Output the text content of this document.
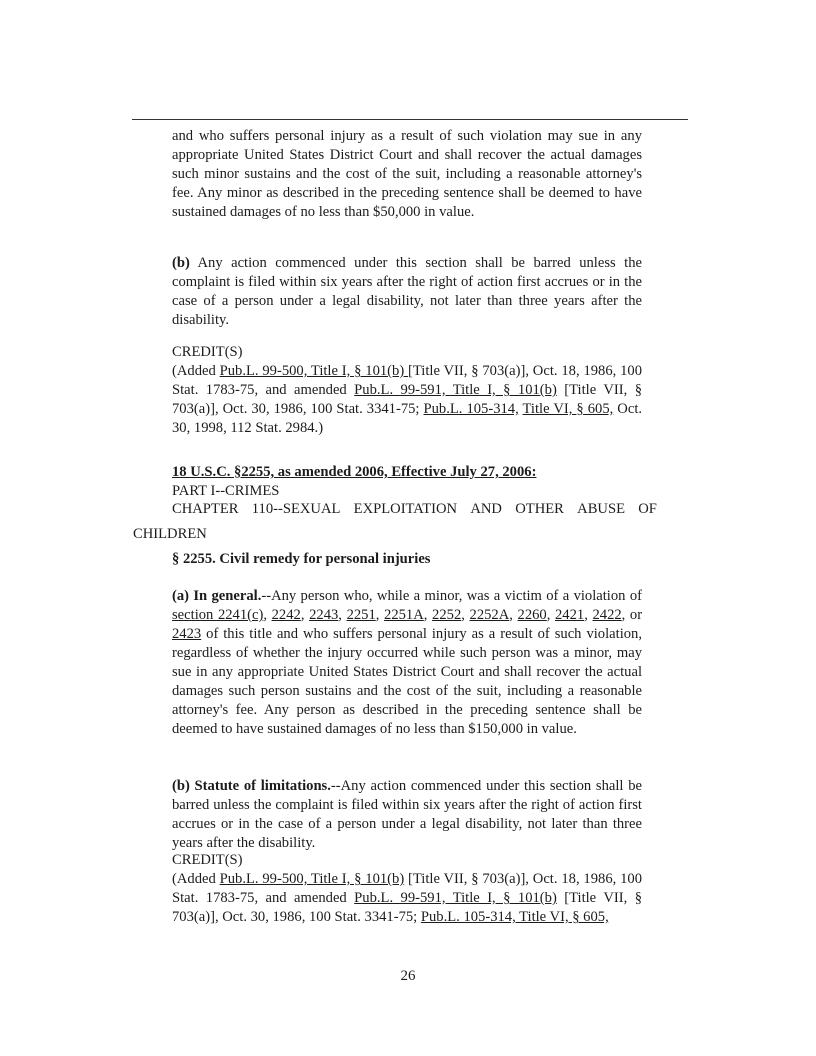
and who suffers personal injury as a result of such violation may sue in any appropriate United States District Court and shall recover the actual damages such minor sustains and the cost of the suit, including a reasonable attorney's fee. Any minor as described in the preceding sentence shall be deemed to have sustained damages of no less than $50,000 in value.

(b) Any action commenced under this section shall be barred unless the complaint is filed within six years after the right of action first accrues or in the case of a person under a legal disability, not later than three years after the disability.

CREDIT(S)

(Added Pub.L. 99-500, Title I, § 101(b) [Title VII, § 703(a)], Oct. 18, 1986, 100 Stat. 1783-75, and amended Pub.L. 99-591, Title I, § 101(b) [Title VII, § 703(a)], Oct. 30, 1986, 100 Stat. 3341-75; Pub.L. 105-314, Title VI, § 605, Oct. 30, 1998, 112 Stat. 2984.)

18 U.S.C. §2255, as amended 2006, Effective July 27, 2006:
PART I--CRIMES
CHAPTER 110--SEXUAL EXPLOITATION AND OTHER ABUSE OF
CHILDREN
§ 2255. Civil remedy for personal injuries

(a) In general.--Any person who, while a minor, was a victim of a violation of section 2241(c), 2242, 2243, 2251, 2251A, 2252, 2252A, 2260, 2421, 2422, or 2423 of this title and who suffers personal injury as a result of such violation, regardless of whether the injury occurred while such person was a minor, may sue in any appropriate United States District Court and shall recover the actual damages such person sustains and the cost of the suit, including a reasonable attorney's fee. Any person as described in the preceding sentence shall be deemed to have sustained damages of no less than $150,000 in value.

(b) Statute of limitations.--Any action commenced under this section shall be barred unless the complaint is filed within six years after the right of action first accrues or in the case of a person under a legal disability, not later than three years after the disability.

CREDIT(S)

(Added Pub.L. 99-500, Title I, § 101(b) [Title VII, § 703(a)], Oct. 18, 1986, 100 Stat. 1783-75, and amended Pub.L. 99-591, Title I, § 101(b) [Title VII, § 703(a)], Oct. 30, 1986, 100 Stat. 3341-75; Pub.L. 105-314, Title VI, § 605,

26
